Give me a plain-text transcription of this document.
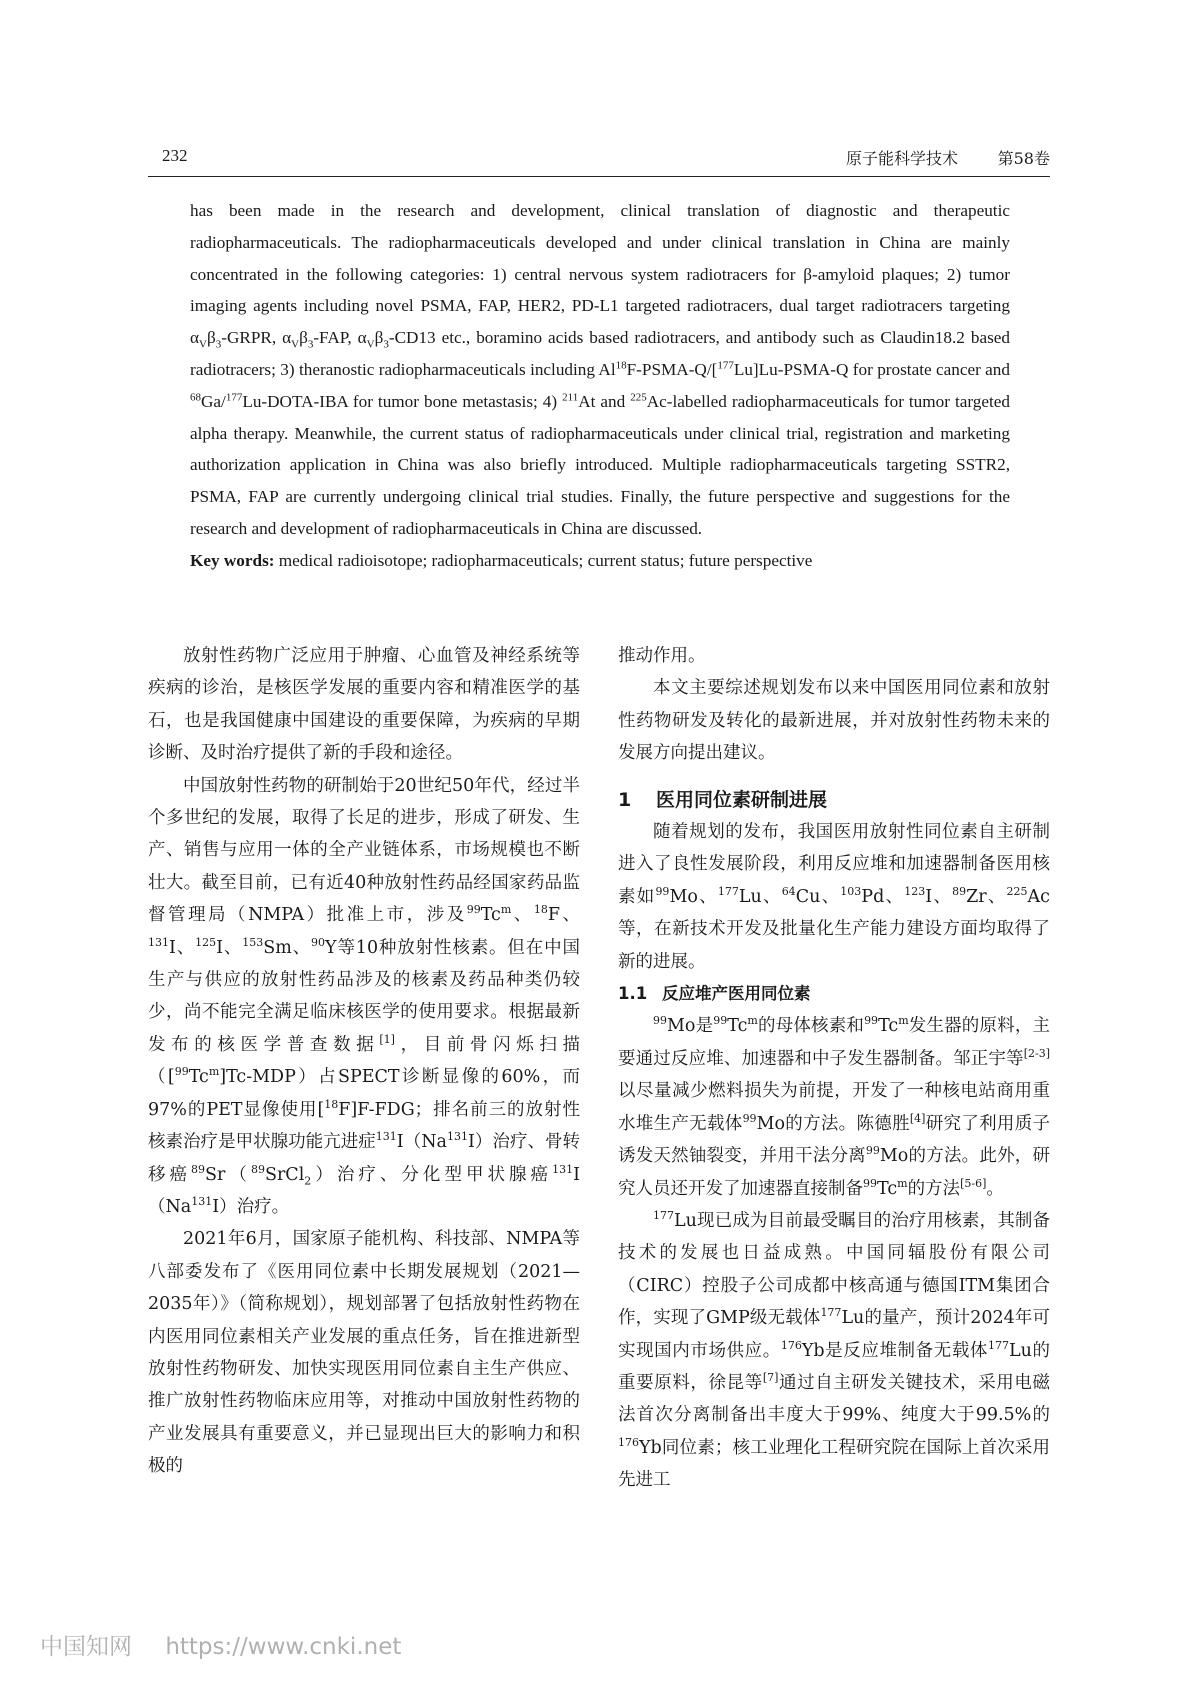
232	原子能科学技术 第58卷

has been made in the research and development, clinical translation of diagnostic and therapeutic radiopharmaceuticals. The radiopharmaceuticals developed and under clinical translation in China are mainly concentrated in the following categories: 1) central nervous system radiotracers for β-amyloid plaques; 2) tumor imaging agents including novel PSMA, FAP, HER2, PD-L1 targeted radiotracers, dual target radiotracers targeting $\alpha_V\beta_3$-GRPR, $\alpha_V\beta_3$-FAP, $\alpha_V\beta_3-CD13$ etc., boramino acids based radiotracers, and antibody such as Claudin18.2 based radiotracers; 3) theranostic radiopharmaceuticals including Al$^{18}$F-PSMA-Q/[$^{177}$Lu]Lu-PSMA-Q for prostate cancer and $^{68}$Ga/$^{177}$Lu-DOTA-IBA for tumor bone metastasis; 4) $^{211}$At and $^{225}$Ac-labelled radiopharmaceuticals for tumor targeted alpha therapy. Meanwhile, the current status of radiopharmaceuticals under clinical trial, registration and marketing authorization application in China was also briefly introduced. Multiple radiopharmaceuticals targeting SSTR2, PSMA, FAP are currently undergoing clinical trial studies. Finally, the future perspective and suggestions for the research and development of radiopharmaceuticals in China are discussed.

Key words: medical radioisotope; radiopharmaceuticals; current status; future perspective

放射性药物广泛应用于肿瘤、心血管及神经系统等疾病的诊治，是核医学发展的重要内容和精准医学的基石，也是我国健康中国建设的重要保障，为疾病的早期诊断、及时治疗提供了新的手段和途径。

中国放射性药物的研制始于20世纪50年代，经过半个多世纪的发展，取得了长足的进步，形成了研发、生产、销售与应用一体的全产业链体系，市场规模也不断壮大。截至目前，已有近40种放射性药品经国家药品监督管理局（NMPA）批准上市，涉及$^{99}$Tc$^m$、$^{18}$F、$^{131}$I、$^{125}$I、$^{153}$Sm、$^{90}$Y等10种放射性核素。但在中国生产与供应的放射性药品涉及的核素及药品种类仍较少，尚不能完全满足临床核医学的使用要求。根据最新发布的核医学普查数据[1]，目前骨闪烁扫描（[$^{99}$Tc$^m$]Tc-MDP）占SPECT诊断显像的60%，而97%的PET显像使用[$^{18}$F]F-FDG；排名前三的放射性核素治疗是甲状腺功能亢进症$^{131}$I（Na$^{131}$I）治疗、骨转移癌$^{89}$Sr（$^{89}$SrCl$_2$）治疗、分化型甲状腺癌$^{131}$I（Na$^{131}$I）治疗。

2021年6月，国家原子能机构、科技部、NMPA等八部委发布了《医用同位素中长期发展规划（2021—2035年）》（简称规划），规划部署了包括放射性药物在内医用同位素相关产业发展的重点任务，旨在推进新型放射性药物研发、加快实现医用同位素自主生产供应、推广放射性药物临床应用等，对推动中国放射性药物的产业发展具有重要意义，并已显现出巨大的影响力和积极的

推动作用。

本文主要综述规划发布以来中国医用同位素和放射性药物研发及转化的最新进展，并对放射性药物未来的发展方向提出建议。

1 医用同位素研制进展

随着规划的发布，我国医用放射性同位素自主研制进入了良性发展阶段，利用反应堆和加速器制备医用核素如$^{99}$Mo、$^{177}$Lu、$^{64}$Cu、$^{103}$Pd、$^{123}$I、$^{89}$Zr、$^{225}$Ac等，在新技术开发及批量化生产能力建设方面均取得了新的进展。

1.1 反应堆产医用同位素

$^{99}$Mo是$^{99}$Tc$^m$的母体核素和$^{99}$Tc$^m$发生器的原料，主要通过反应堆、加速器和中子发生器制备。邹正宇等[2-3]以尽量减少燃料损失为前提，开发了一种核电站商用重水堆生产无载体$^{99}$Mo的方法。陈德胜[4]研究了利用质子诱发天然铀裂变，并用干法分离$^{99}$Mo的方法。此外，研究人员还开发了加速器直接制备$^{99}$Tc$^m$的方法[5-6]。

$^{177}$Lu现已成为目前最受瞩目的治疗用核素，其制备技术的发展也日益成熟。中国同辐股份有限公司（CIRC）控股子公司成都中核高通与德国ITM集团合作，实现了GMP级无载体$^{177}$Lu的量产，预计2024年可实现国内市场供应。$^{176}$Yb是反应堆制备无载体$^{177}$Lu的重要原料，徐昆等[7]通过自主研发关键技术，采用电磁法首次分离制备出丰度大于99%、纯度大于99.5%的$^{176}$Yb同位素；核工业理化工程研究院在国际上首次采用先进工

中国知网 https://www.cnki.net
